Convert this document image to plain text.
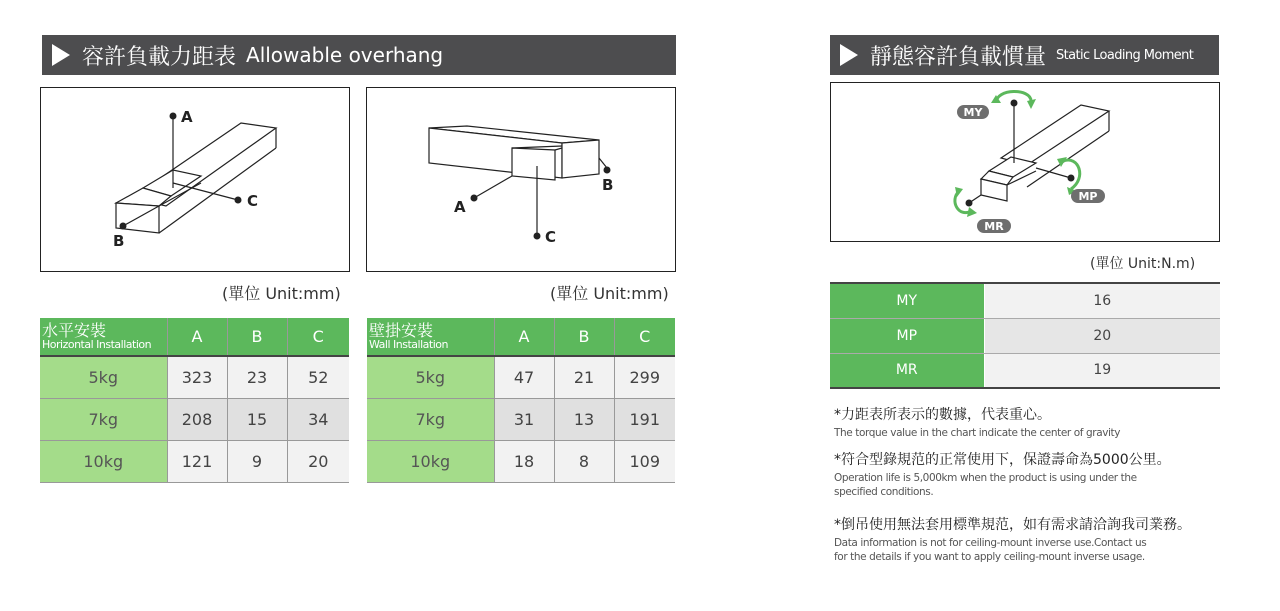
容許負載力距表 Allowable overhang	靜態容許負載慣量 Static Loading Moment
A
C
B	C
A
B
MY
MP
MR
(單位 Unit:mm)	(單位 Unit:mm)
(單位 Unit:N.m)
水平安裝
Horizontal Installation	A	B	C
5kg	323	23	52
7kg	208	15	34
10kg	121	9	20
壁掛安裝
Wall Installation	A	B	C
5kg	47	21	299
7kg	31	13	191
10kg	18	8	109
MY	16
MP	20
MR	19
*力距表所表示的數據，代表重心。
The torque value in the chart indicate the center of gravity
*符合型錄規范的正常使用下，保證壽命為5000公里。
Operation life is 5,000km when the product is using under the specified conditions.
*倒吊使用無法套用標準規范，如有需求請洽詢我司業務。
Data information is not for ceiling-mount inverse use.Contact us for the details if you want to apply ceiling-mount inverse usage.
